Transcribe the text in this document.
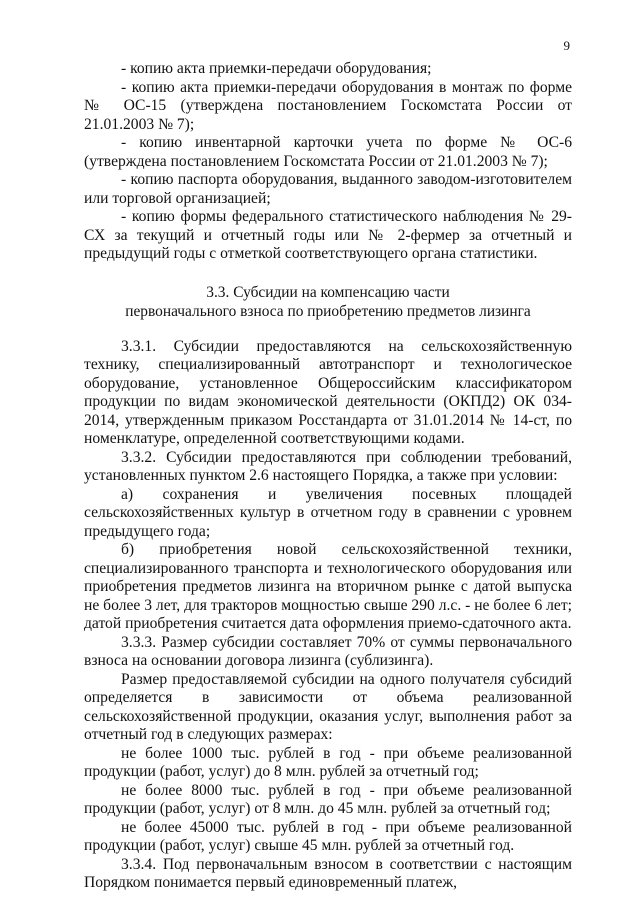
9

- копию акта приемки-передачи оборудования;

- копию акта приемки-передачи оборудования в монтаж по форме № ОС-15 (утверждена постановлением Госкомстата России от 21.01.2003 № 7);

- копию инвентарной карточки учета по форме № ОС-6 (утверждена постановлением Госкомстата России от 21.01.2003 № 7);

- копию паспорта оборудования, выданного заводом-изготовителем или торговой организацией;

- копию формы федерального статистического наблюдения № 29-СХ за текущий и отчетный годы или № 2-фермер за отчетный и предыдущий годы с отметкой соответствующего органа статистики.

3.3. Субсидии на компенсацию части

первоначального взноса по приобретению предметов лизинга

3.3.1. Субсидии предоставляются на сельскохозяйственную технику, специализированный автотранспорт и технологическое оборудование, установленное Общероссийским классификатором продукции по видам экономической деятельности (ОКПД2) ОК 034-2014, утвержденным приказом Росстандарта от 31.01.2014 № 14-ст, по номенклатуре, определенной соответствующими кодами.

3.3.2. Субсидии предоставляются при соблюдении требований, установленных пунктом 2.6 настоящего Порядка, а также при условии:

а) сохранения и увеличения посевных площадей сельскохозяйственных культур в отчетном году в сравнении с уровнем предыдущего года;

б) приобретения новой сельскохозяйственной техники, специализированного транспорта и технологического оборудования или приобретения предметов лизинга на вторичном рынке с датой выпуска не более 3 лет, для тракторов мощностью свыше 290 л.с. - не более 6 лет; датой приобретения считается дата оформления приемо-сдаточного акта.

3.3.3. Размер субсидии составляет 70% от суммы первоначального взноса на основании договора лизинга (сублизинга).

Размер предоставляемой субсидии на одного получателя субсидий определяется в зависимости от объема реализованной сельскохозяйственной продукции, оказания услуг, выполнения работ за отчетный год в следующих размерах:

не более 1000 тыс. рублей в год - при объеме реализованной продукции (работ, услуг) до 8 млн. рублей за отчетный год;

не более 8000 тыс. рублей в год - при объеме реализованной продукции (работ, услуг) от 8 млн. до 45 млн. рублей за отчетный год;

не более 45000 тыс. рублей в год - при объеме реализованной продукции (работ, услуг) свыше 45 млн. рублей за отчетный год.

3.3.4. Под первоначальным взносом в соответствии с настоящим Порядком понимается первый единовременный платеж,
